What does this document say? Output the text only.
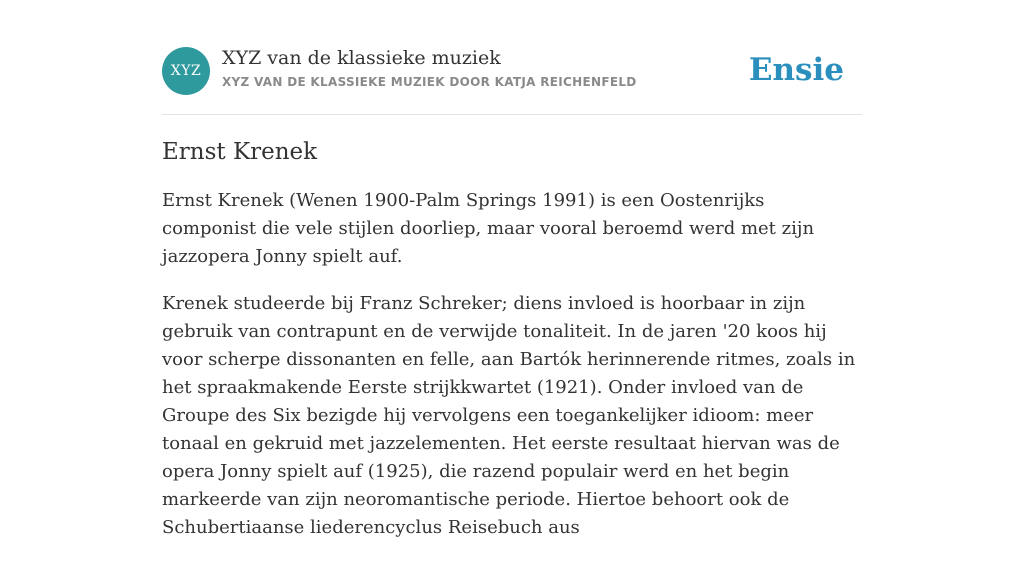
XYZ
XYZ van de klassieke muziek
XYZ VAN DE KLASSIEKE MUZIEK DOOR KATJA REICHENFELD	Ensie
Ernst Krenek

Ernst Krenek (Wenen 1900-Palm Springs 1991) is een Oostenrijks componist die vele stijlen doorliep, maar vooral beroemd werd met zijn jazzopera Jonny spielt auf.

Krenek studeerde bij Franz Schreker; diens invloed is hoorbaar in zijn gebruik van contrapunt en de verwijde tonaliteit. In de jaren '20 koos hij voor scherpe dissonanten en felle, aan Bartók herinnerende ritmes, zoals in het spraakmakende Eerste strijkkwartet (1921). Onder invloed van de Groupe des Six bezigde hij vervolgens een toegankelijker idioom: meer tonaal en gekruid met jazzelementen. Het eerste resultaat hiervan was de opera Jonny spielt auf (1925), die razend populair werd en het begin markeerde van zijn neoromantische periode. Hiertoe behoort ook de Schubertiaanse liederencyclus Reisebuch aus
